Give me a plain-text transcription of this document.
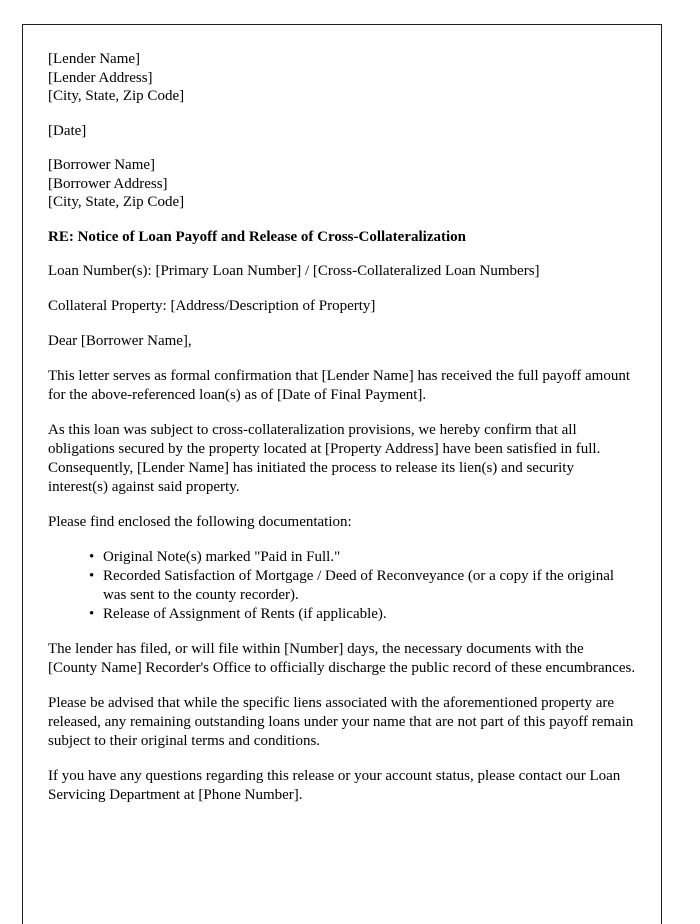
[Lender Name]
[Lender Address]
[City, State, Zip Code]
[Date]
[Borrower Name]
[Borrower Address]
[City, State, Zip Code]
RE: Notice of Loan Payoff and Release of Cross-Collateralization

Loan Number(s): [Primary Loan Number] / [Cross-Collateralized Loan Numbers]

Collateral Property: [Address/Description of Property]

Dear [Borrower Name],

This letter serves as formal confirmation that [Lender Name] has received the full payoff amount for the above-referenced loan(s) as of [Date of Final Payment].

As this loan was subject to cross-collateralization provisions, we hereby confirm that all obligations secured by the property located at [Property Address] have been satisfied in full. Consequently, [Lender Name] has initiated the process to release its lien(s) and security interest(s) against said property.

Please find enclosed the following documentation:

• Original Note(s) marked "Paid in Full."
• Recorded Satisfaction of Mortgage / Deed of Reconveyance (or a copy if the original was sent to the county recorder).
• Release of Assignment of Rents (if applicable).

The lender has filed, or will file within [Number] days, the necessary documents with the [County Name] Recorder's Office to officially discharge the public record of these encumbrances.

Please be advised that while the specific liens associated with the aforementioned property are released, any remaining outstanding loans under your name that are not part of this payoff remain subject to their original terms and conditions.

If you have any questions regarding this release or your account status, please contact our Loan Servicing Department at [Phone Number].
